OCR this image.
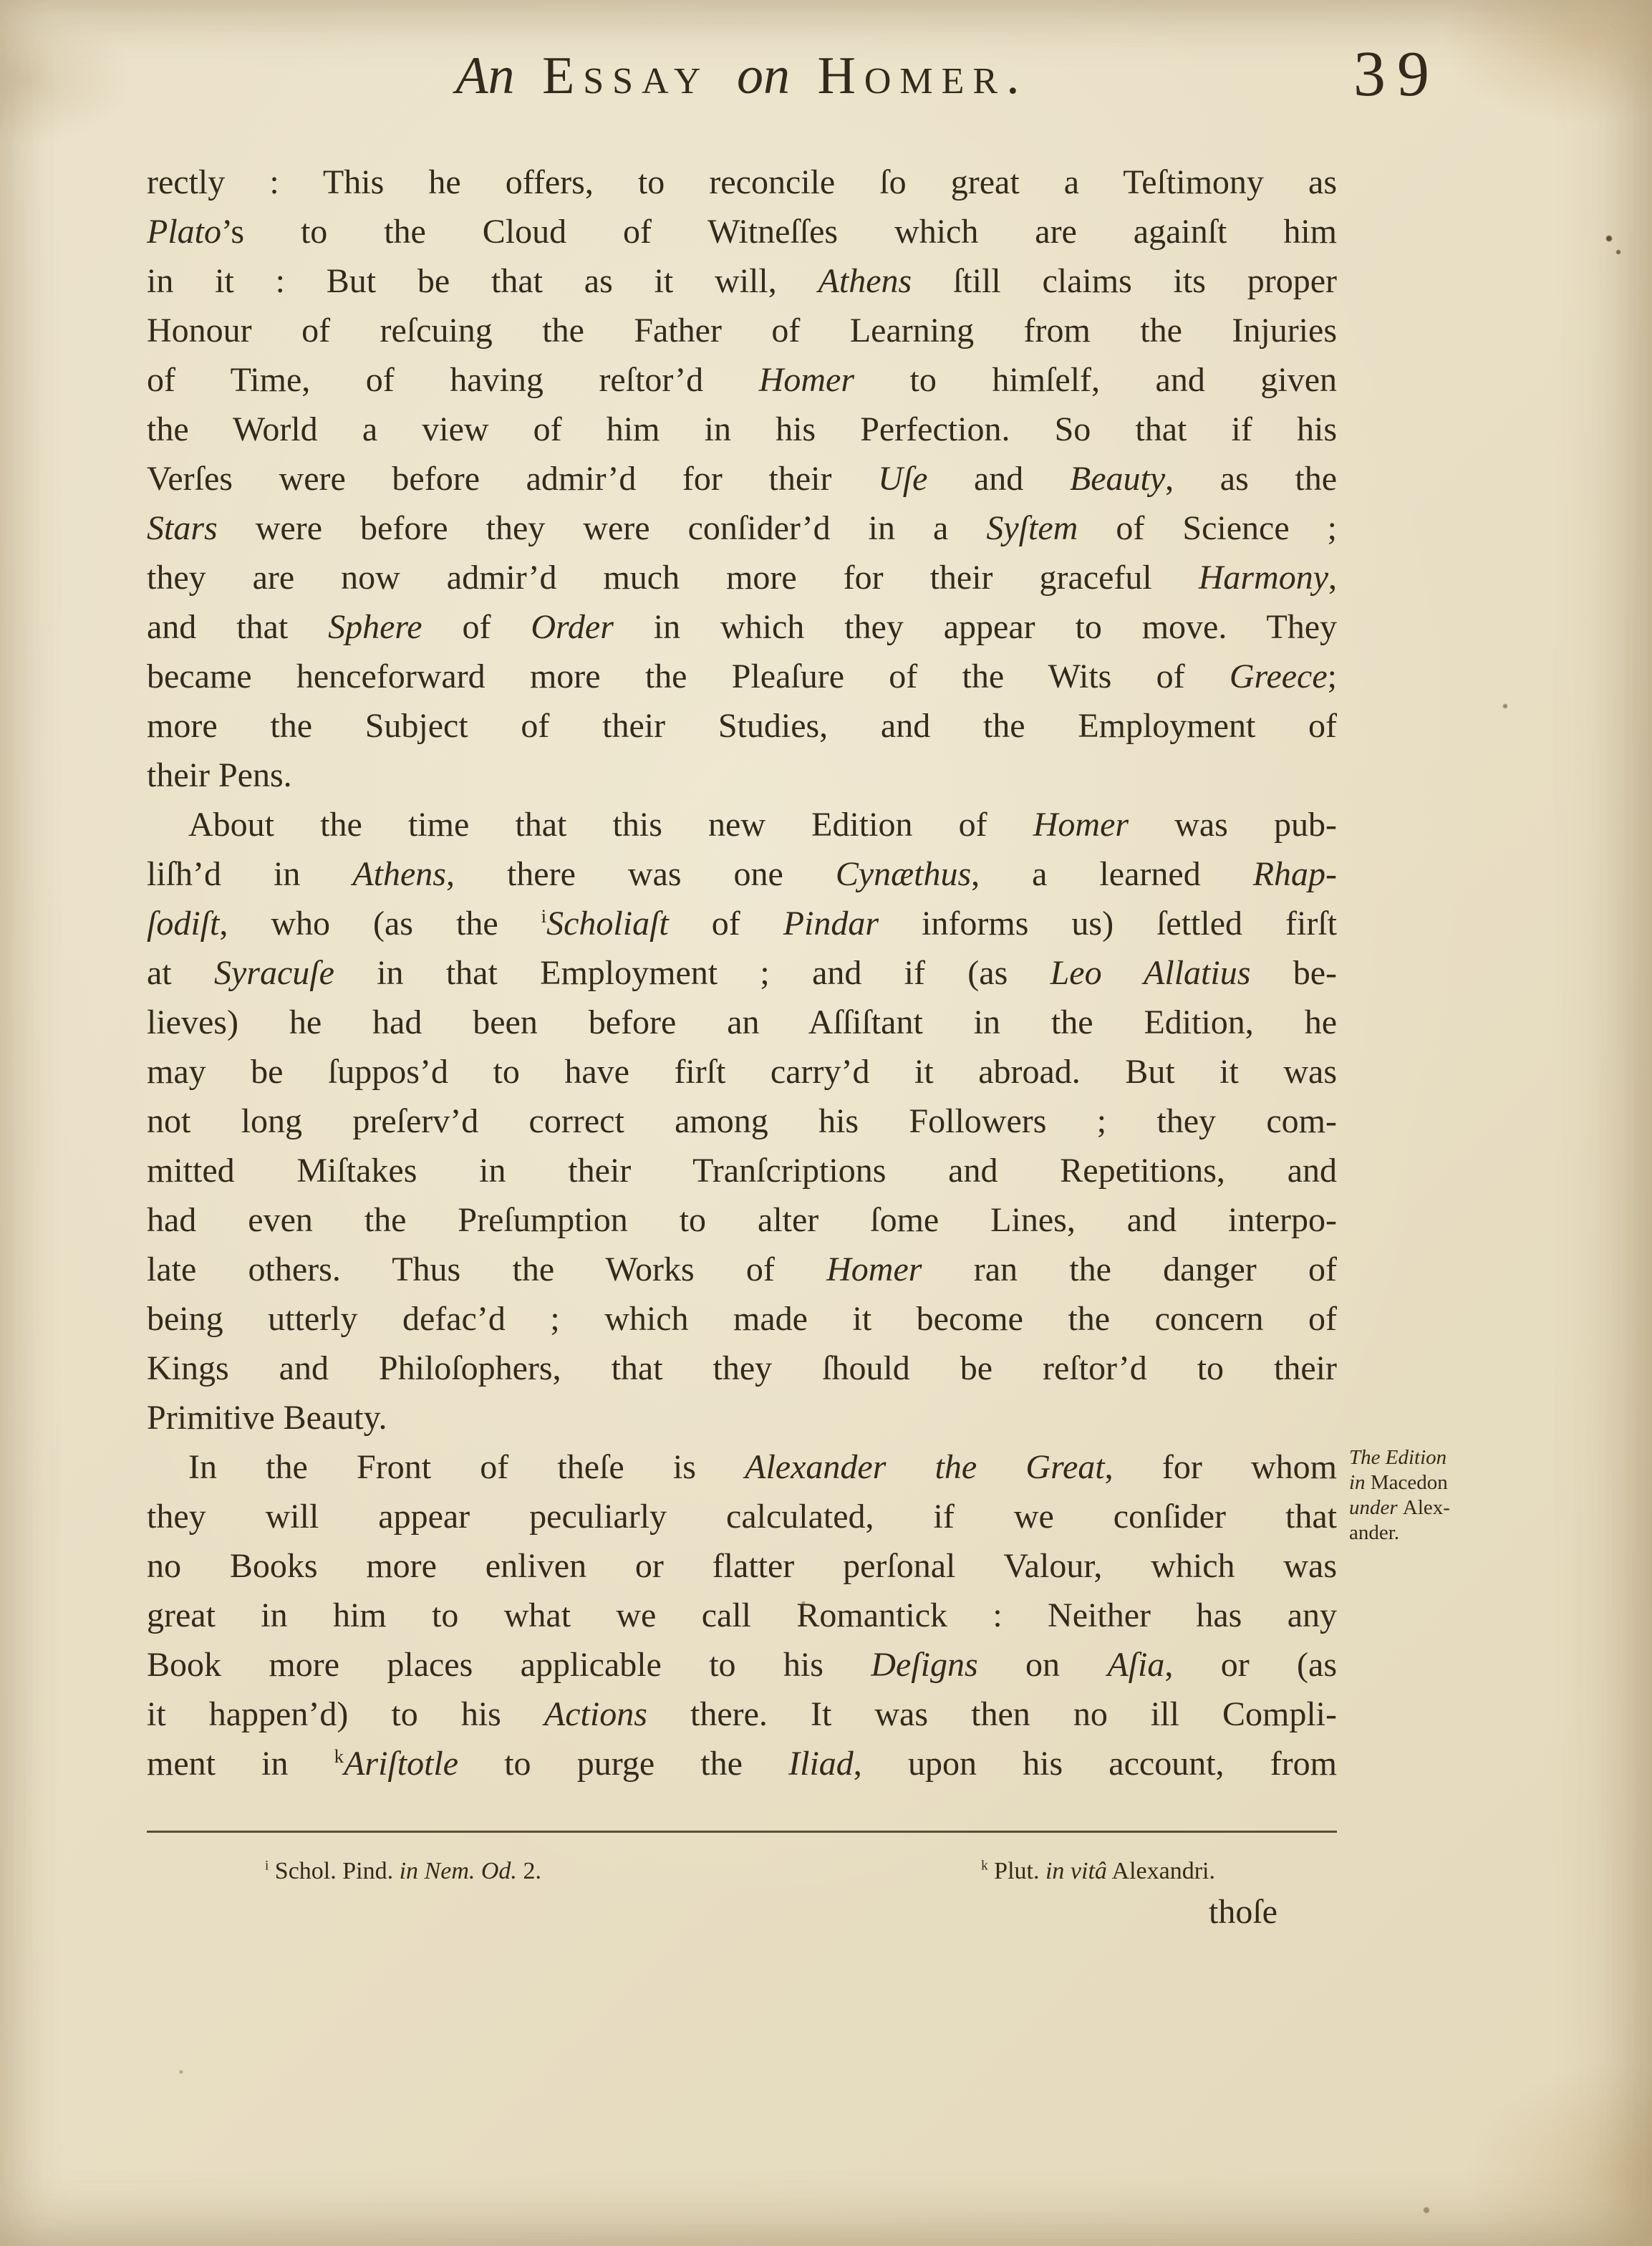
An Essay on Homer.	39
rectly : This he offers, to reconcile ſo great a Teſtimony as
Plato’s to the Cloud of Witneſſes which are againſt him
in it : But be that as it will, Athens ſtill claims its proper
Honour of reſcuing the Father of Learning from the Injuries
of Time, of having reſtor’d Homer to himſelf, and given
the World a view of him in his Perfection. So that if his
Verſes were before admir’d for their Uſe and Beauty, as the
Stars were before they were conſider’d in a Syſtem of Science ;
they are now admir’d much more for their graceful Harmony,
and that Sphere of Order in which they appear to move. They
became henceforward more the Pleaſure of the Wits of Greece;
more the Subject of their Studies, and the Employment of
their Pens.
About the time that this new Edition of Homer was pub-
liſh’d in Athens, there was one Cynæthus, a learned Rhap-
ſodiſt, who (as the $^i$Scholiaſt of Pindar informs us) ſettled firſt
at Syracuſe in that Employment ; and if (as Leo Allatius be-
lieves) he had been before an Aſſiſtant in the Edition, he
may be ſuppos’d to have firſt carry’d it abroad. But it was
not long preſerv’d correct among his Followers ; they com-
mitted Miſtakes in their Tranſcriptions and Repetitions, and
had even the Preſumption to alter ſome Lines, and interpo-
late others. Thus the Works of Homer ran the danger of
being utterly defac’d ; which made it become the concern of
Kings and Philoſophers, that they ſhould be reſtor’d to their
Primitive Beauty.
In the Front of theſe is Alexander the Great, for whom
they will appear peculiarly calculated, if we conſider that
no Books more enliven or flatter perſonal Valour, which was
great in him to what we call Romantick : Neither has any
Book more places applicable to his Deſigns on Aſia, or (as
it happen’d) to his Actions there. It was then no ill Compli-
ment in $^k$Ariſtotle to purge the Iliad, upon his account, from
The Edition
in Macedon
under Alex-
ander.
$^i$ Schol. Pind. in Nem. Od. 2.	$^k$ Plut. in vitâ Alexandri.
thoſe
